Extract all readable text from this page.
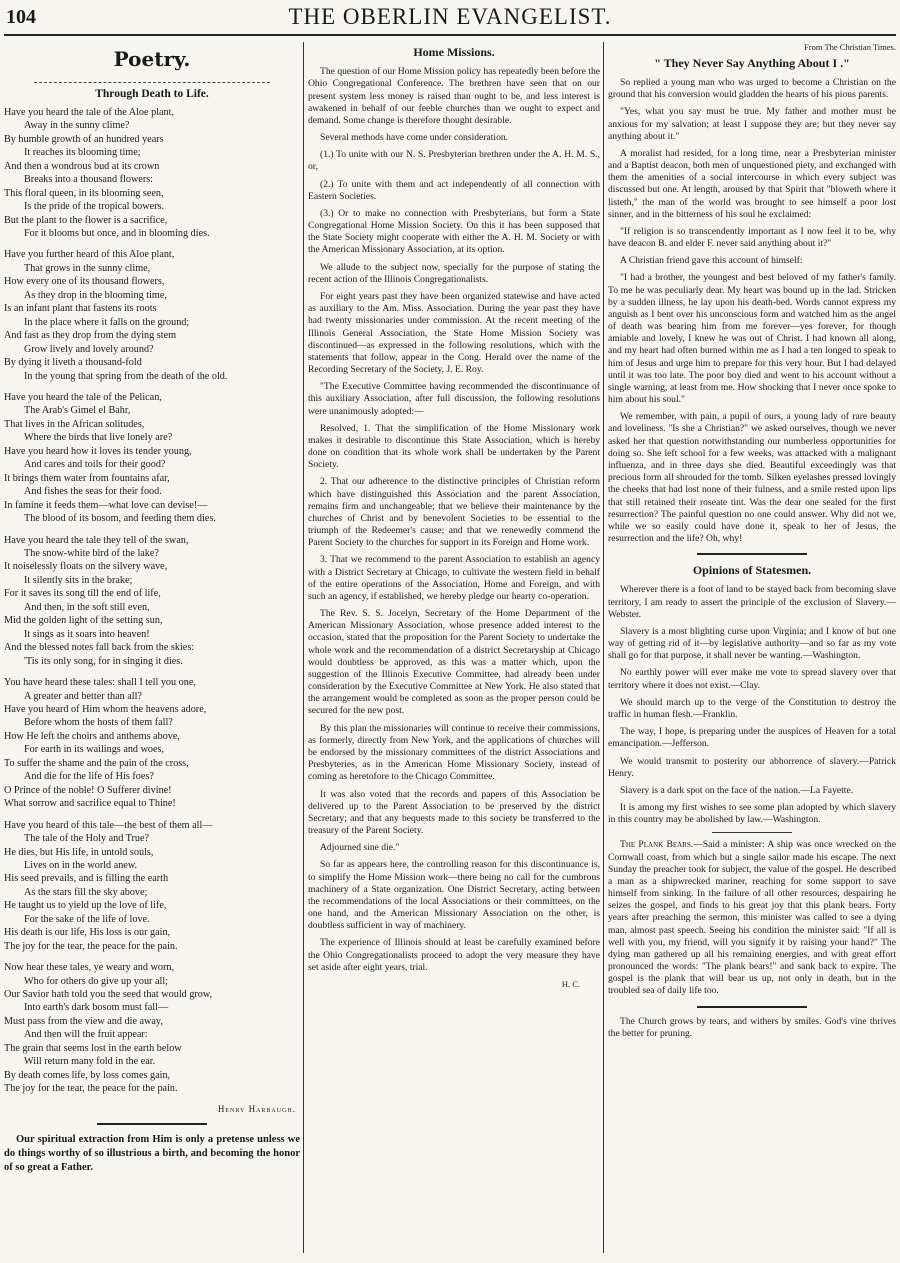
104	THE OBERLIN EVANGELIST.
Poetry.
Through Death to Life.
Have you heard the tale of the Aloe plant,
Away in the sunny clime?
By humble growth of an hundred years
It reaches its blooming time;
And then a wondrous bud at its crown
Breaks into a thousand flowers:
This floral queen, in its blooming seen,
Is the pride of the tropical bowers.
But the plant to the flower is a sacrifice,
For it blooms but once, and in blooming dies.
Have you further heard of this Aloe plant,
That grows in the sunny clime,
How every one of its thousand flowers,
As they drop in the blooming time,
Is an infant plant that fastens its roots
In the place where it falls on the ground;
And fast as they drop from the dying stem
Grow lively and lovely around?
By dying it liveth a thousand-fold
In the young that spring from the death of the old.
Have you heard the tale of the Pelican,
The Arab's Gimel el Bahr,
That lives in the African solitudes,
Where the birds that live lonely are?
Have you heard how it loves its tender young,
And cares and toils for their good?
It brings them water from fountains afar,
And fishes the seas for their food.
In famine it feeds them—what love can devise!—
The blood of its bosom, and feeding them dies.
Have you heard the tale they tell of the swan,
The snow-white bird of the lake?
It noiselessly floats on the silvery wave,
It silently sits in the brake;
For it saves its song till the end of life,
And then, in the soft still even,
Mid the golden light of the setting sun,
It sings as it soars into heaven!
And the blessed notes fall back from the skies:
'Tis its only song, for in singing it dies.
You have heard these tales: shall I tell you one,
A greater and better than all?
Have you heard of Him whom the heavens adore,
Before whom the hosts of them fall?
How He left the choirs and anthems above,
For earth in its wailings and woes,
To suffer the shame and the pain of the cross,
And die for the life of His foes?
O Prince of the noble! O Sufferer divine!
What sorrow and sacrifice equal to Thine!
Have you heard of this tale—the best of them all—
The tale of the Holy and True?
He dies, but His life, in untold souls,
Lives on in the world anew.
His seed prevails, and is filling the earth
As the stars fill the sky above;
He taught us to yield up the love of life,
For the sake of the life of love.
His death is our life, His loss is our gain,
The joy for the tear, the peace for the pain.
Now hear these tales, ye weary and worn,
Who for others do give up your all;
Our Savior hath told you the seed that would grow,
Into earth's dark bosom must fall—
Must pass from the view and die away,
And then will the fruit appear:
The grain that seems lost in the earth below
Will return many fold in the ear.
By death comes life, by loss comes gain,
The joy for the tear, the peace for the pain.
Henry Harbaugh.
Our spiritual extraction from Him is only a pretense unless we do things worthy of so illustrious a birth, and becoming the honor of so great a Father.
Home Missions.

The question of our Home Mission policy has repeatedly been before the Ohio Congregational Conference. The brethren have seen that on our present system less money is raised than ought to be, and less interest is awakened in behalf of our feeble churches than we ought to expect and demand. Some change is therefore thought desirable.

Several methods have come under consideration.

(1.) To unite with our N. S. Presbyterian brethren under the A. H. M. S., or,

(2.) To unite with them and act independently of all connection with Eastern Societies.

(3.) Or to make no connection with Presbyterians, but form a State Congregational Home Mission Society. On this it has been supposed that the State Society might cooperate with either the A. H. M. Society or with the American Missionary Association, at its option.

We allude to the subject now, specially for the purpose of stating the recent action of the Illinois Congregationalists.

For eight years past they have been organized statewise and have acted as auxiliary to the Am. Miss. Association. During the year past they have had twenty missionaries under commission. At the recent meeting of the Illinois General Association, the State Home Mission Society was discontinued—as expressed in the following resolutions, which with the statements that follow, appear in the Cong. Herald over the name of the Recording Secretary of the Society, J. E. Roy.

"The Executive Committee having recommended the discontinuance of this auxiliary Association, after full discussion, the following resolutions were unanimously adopted:—

Resolved, 1. That the simplification of the Home Missionary work makes it desirable to discontinue this State Association, which is hereby done on condition that its whole work shall be undertaken by the Parent Society.

2. That our adherence to the distinctive principles of Christian reform which have distinguished this Association and the parent Association, remains firm and unchangeable; that we believe their maintenance by the churches of Christ and by benevolent Societies to be essential to the triumph of the Redeemer's cause; and that we renewedly commend the Parent Society to the churches for support in its Foreign and Home work.

3. That we recommend to the parent Association to establish an agency with a District Secretary at Chicago, to cultivate the western field in behalf of the entire operations of the Association, Home and Foreign, and with such an agency, if established, we hereby pledge our hearty co-operation.

The Rev. S. S. Jocelyn, Secretary of the Home Department of the American Missionary Association, whose presence added interest to the occasion, stated that the proposition for the Parent Society to undertake the whole work and the recommendation of a district Secretaryship at Chicago would doubtless be approved, as this was a matter which, upon the suggestion of the Illinois Executive Committee, had already been under consideration by the Executive Committee at New York. He also stated that the arrangement would be completed as soon as the proper person could be secured for the new post.

By this plan the missionaries will continue to receive their commissions, as formerly, directly from New York, and the applications of churches will be endorsed by the missionary committees of the district Associations and Presbyteries, as in the American Home Missionary Society, instead of coming as heretofore to the Chicago Committee.

It was also voted that the records and papers of this Association be delivered up to the Parent Association to be preserved by the district Secretary; and that any bequests made to this society be transferred to the treasury of the Parent Society.

Adjourned sine die."

So far as appears here, the controlling reason for this discontinuance is, to simplify the Home Mission work—there being no call for the cumbrous machinery of a State organization. One District Secretary, acting between the recommendations of the local Associations or their committees, on the one hand, and the American Missionary Association on the other, is doubtless sufficient in way of machinery.

The experience of Illinois should at least be carefully examined before the Ohio Congregationalists proceed to adopt the very measure they have set aside after eight years, trial.

H. C.
From The Christian Times.
" They Never Say Anything About I ."

So replied a young man who was urged to become a Christian on the ground that his conversion would gladden the hearts of his pious parents.

"Yes, what you say must be true. My father and mother must be anxious for my salvation; at least I suppose they are; but they never say anything about it."

A moralist had resided, for a long time, near a Presbyterian minister and a Baptist deacon, both men of unquestioned piety, and exchanged with them the amenities of a social intercourse in which every subject was discussed but one. At length, aroused by that Spirit that "bloweth where it listeth," the man of the world was brought to see himself a poor lost sinner, and in the bitterness of his soul he exclaimed:

"If religion is so transcendently important as I now feel it to be, why have deacon B. and elder F. never said anything about it?"

A Christian friend gave this account of himself:

"I had a brother, the youngest and best beloved of my father's family. To me he was peculiarly dear. My heart was bound up in the lad. Stricken by a sudden illness, he lay upon his death-bed. Words cannot express my anguish as I bent over his unconscious form and watched him as the angel of death was bearing him from me forever—yes forever, for though amiable and lovely, I knew he was out of Christ. I had known all along, and my heart had often burned within me as I had a ten longed to speak to him of Jesus and urge him to prepare for this very hour. But I had delayed until it was too late. The poor boy died and went to his account without a single warning, at least from me. How shocking that I never once spoke to him about his soul."

We remember, with pain, a pupil of ours, a young lady of rare beauty and loveliness. "Is she a Christian?" we asked ourselves, though we never asked her that question notwithstanding our numberless opportunities for doing so. She left school for a few weeks, was attacked with a malignant influenza, and in three days she died. Beautiful exceedingly was that precious form all shrouded for the tomb. Silken eyelashes pressed lovingly the cheeks that had lost none of their fulness, and a smile rested upon lips that still retained their roseate tint. Was the dear one sealed for the first resurrection? The painful question no one could answer. Why did not we, while we so easily could have done it, speak to her of Jesus, the resurrection and the life? Oh, why!

Opinions of Statesmen.

Wherever there is a foot of land to be stayed back from becoming slave territory, I am ready to assert the principle of the exclusion of Slavery.—Webster.

Slavery is a most blighting curse upon Virginia; and I know of but one way of getting rid of it—by legislative authority—and so far as my vote shall go for that purpose, it shall never be wanting.—Washington.

No earthly power will ever make me vote to spread slavery over that territory where it does not exist.—Clay.

We should march up to the verge of the Constitution to destroy the traffic in human flesh.—Franklin.

The way, I hope, is preparing under the auspices of Heaven for a total emancipation.—Jefferson.

We would transmit to posterity our abhorrence of slavery.—Patrick Henry.

Slavery is a dark spot on the face of the nation.—La Fayette.

It is among my first wishes to see some plan adopted by which slavery in this country may be abolished by law.—Washington.

The Plank Bears.—Said a minister: A ship was once wrecked on the Cornwall coast, from which but a single sailor made his escape. The next Sunday the preacher took for subject, the value of the gospel. He described a man as a shipwrecked mariner, reaching for some support to save himself from sinking. In the failure of all other resources, despairing he seizes the gospel, and finds to his great joy that this plank bears. Forty years after preaching the sermon, this minister was called to see a dying man, almost past speech. Seeing his condition the minister said: "If all is well with you, my friend, will you signify it by raising your hand?" The dying man gathered up all his remaining energies, and with great effort pronounced the words: "The plank bears!" and sank back to expire. The gospel is the plank that will bear us up, not only in death, but in the troubled sea of daily life too.

The Church grows by tears, and withers by smiles. God's vine thrives the better for pruning.
